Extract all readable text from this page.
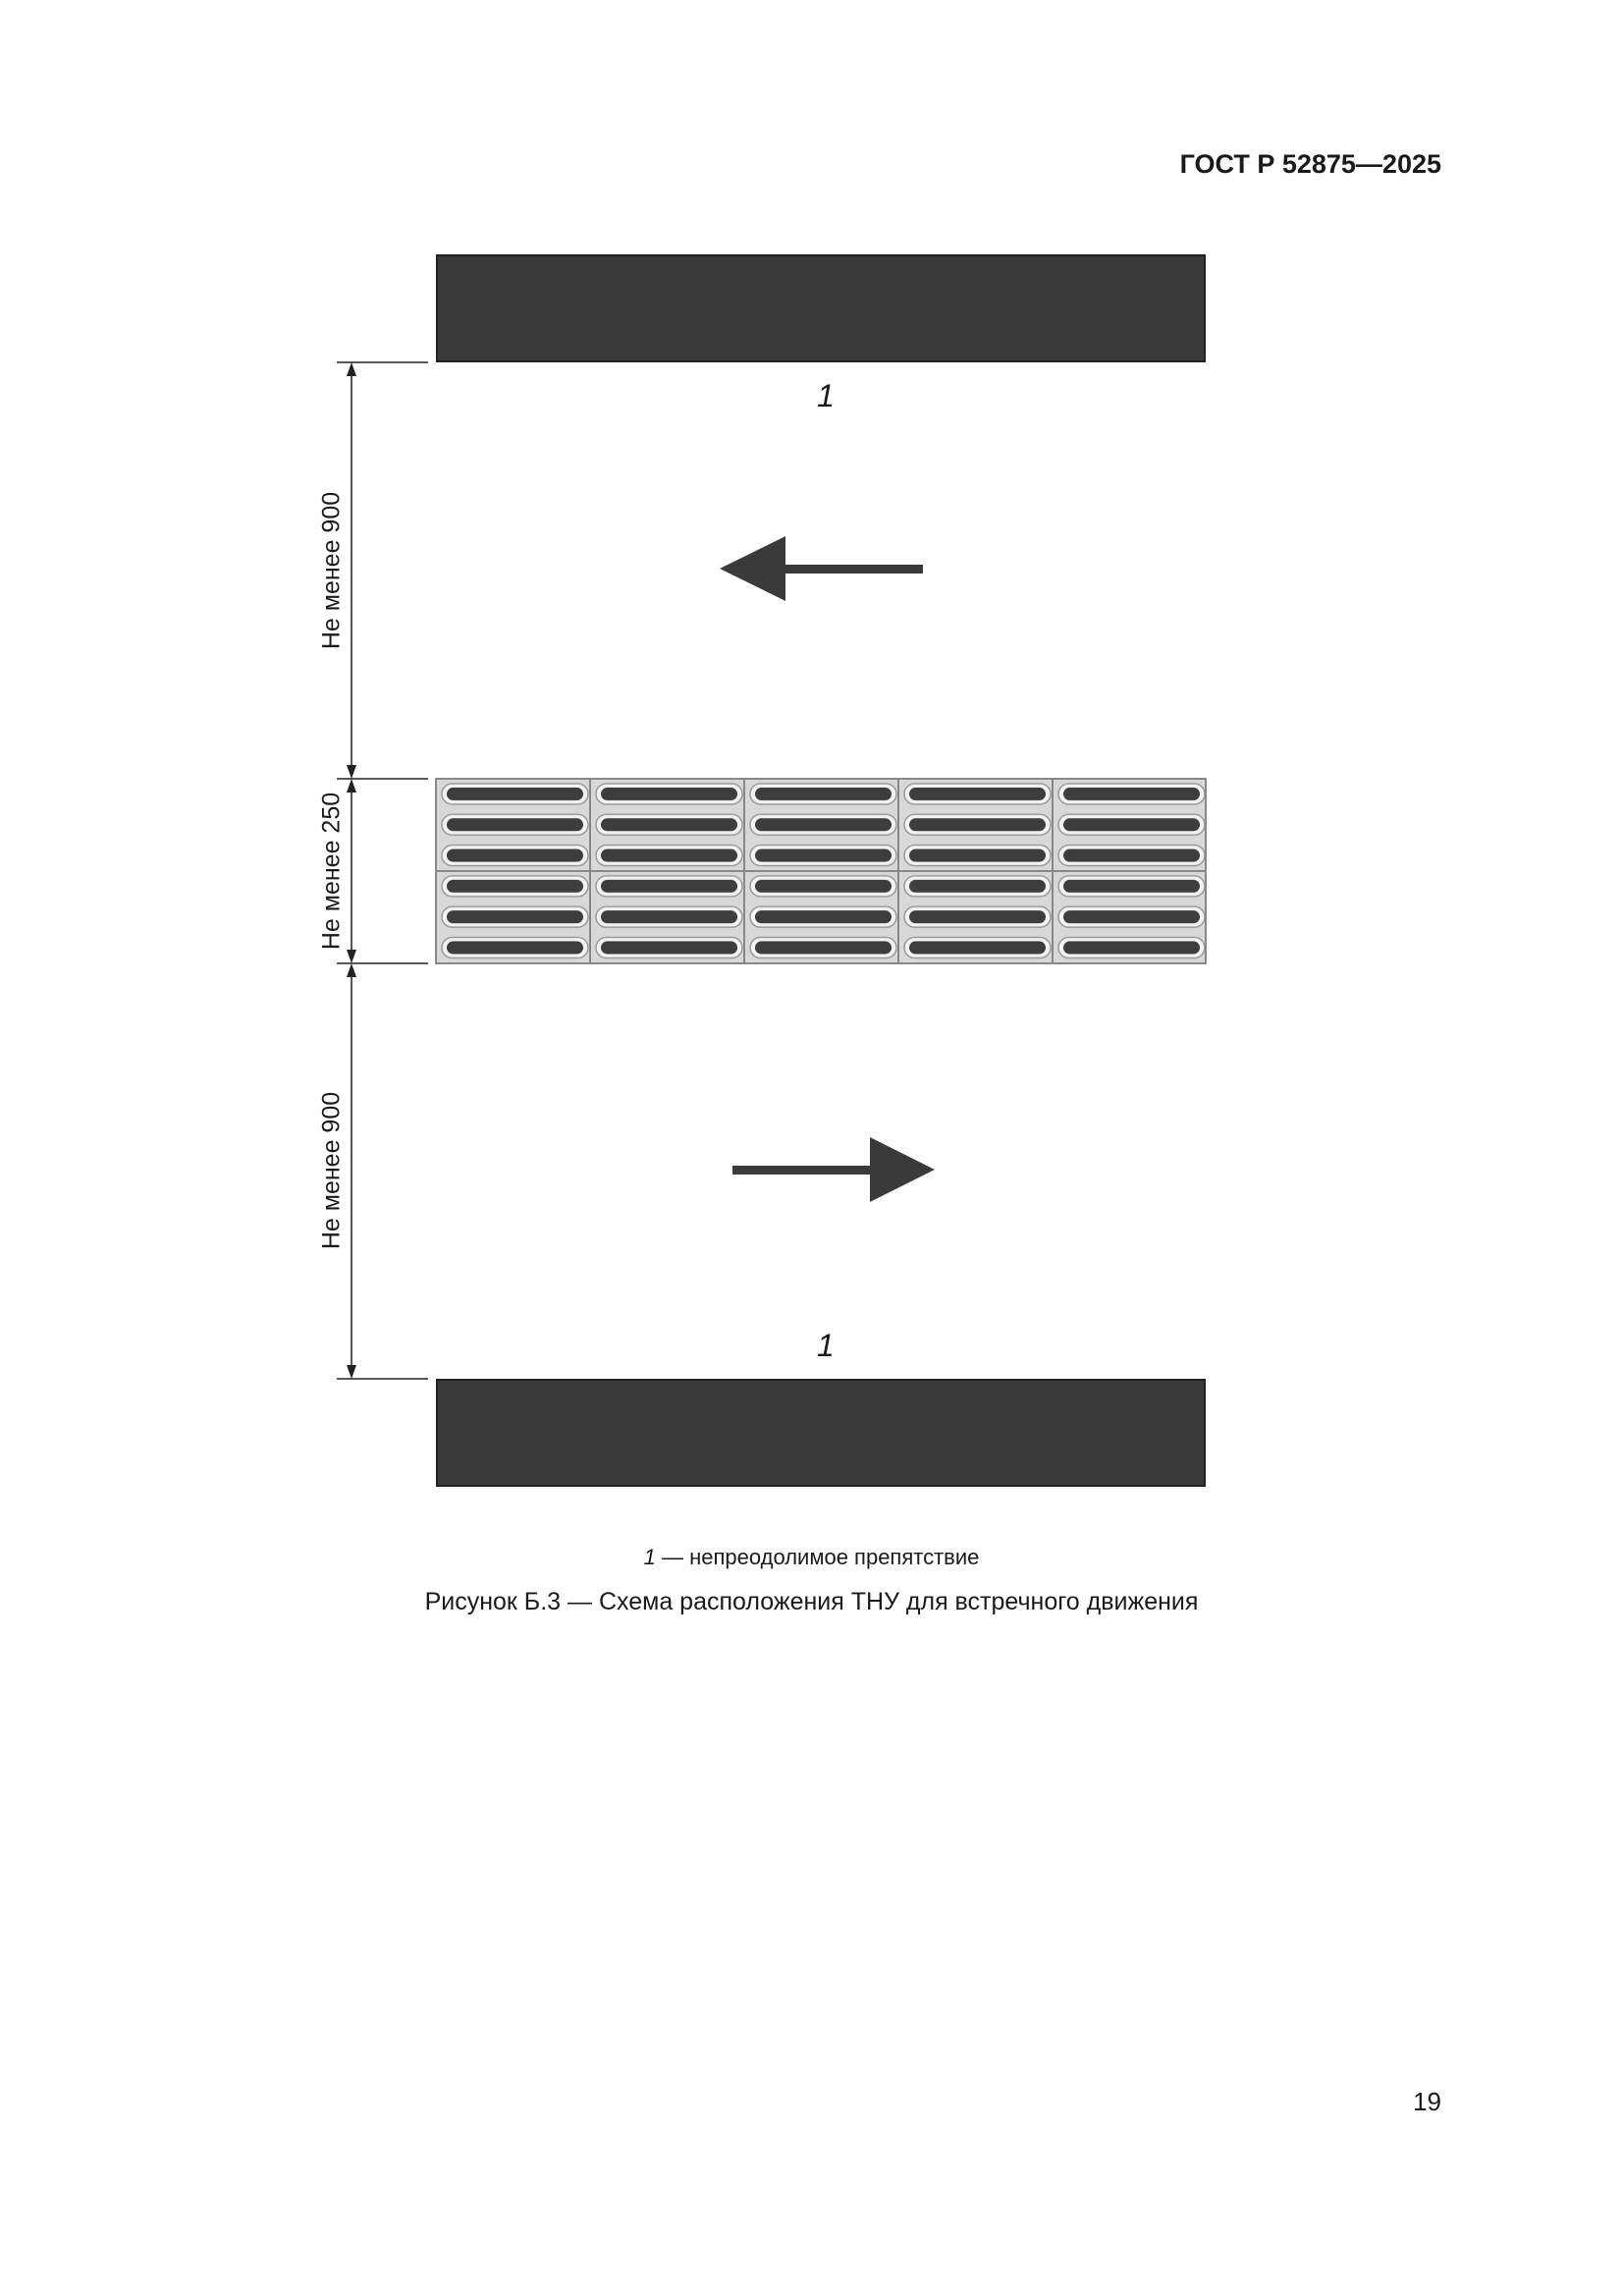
ГОСТ Р 52875—2025
1
1
Не менее 900
Не менее 250
Не менее 900
1 — непреодолимое препятствие
Рисунок Б.3 — Схема расположения ТНУ для встречного движения
19
